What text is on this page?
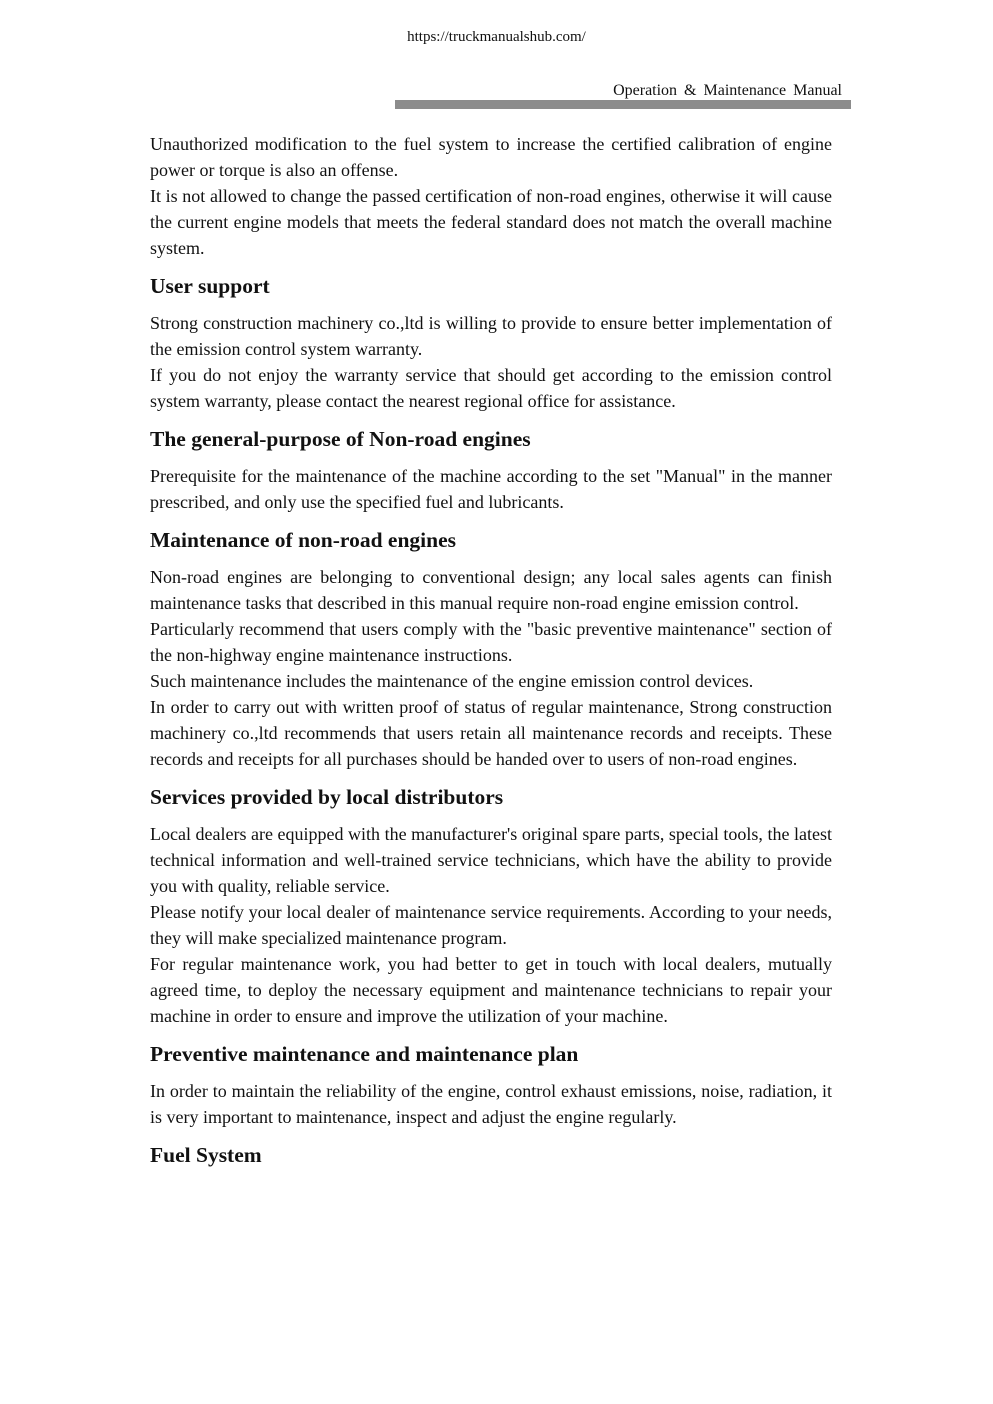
https://truckmanualshub.com/
Operation & Maintenance Manual

Unauthorized modification to the fuel system to increase the certified calibration of engine power or torque is also an offense.

It is not allowed to change the passed certification of non-road engines, otherwise it will cause the current engine models that meets the federal standard does not match the overall machine system.

User support

Strong construction machinery co.,ltd is willing to provide to ensure better implementation of the emission control system warranty.

If you do not enjoy the warranty service that should get according to the emission control system warranty, please contact the nearest regional office for assistance.

The general-purpose of Non-road engines

Prerequisite for the maintenance of the machine according to the set "Manual" in the manner prescribed, and only use the specified fuel and lubricants.

Maintenance of non-road engines

Non-road engines are belonging to conventional design; any local sales agents can finish maintenance tasks that described in this manual require non-road engine emission control.

Particularly recommend that users comply with the "basic preventive maintenance" section of the non-highway engine maintenance instructions.

Such maintenance includes the maintenance of the engine emission control devices.

In order to carry out with written proof of status of regular maintenance, Strong construction machinery co.,ltd recommends that users retain all maintenance records and receipts. These records and receipts for all purchases should be handed over to users of non-road engines.

Services provided by local distributors

Local dealers are equipped with the manufacturer's original spare parts, special tools, the latest technical information and well-trained service technicians, which have the ability to provide you with quality, reliable service.

Please notify your local dealer of maintenance service requirements. According to your needs, they will make specialized maintenance program.

For regular maintenance work, you had better to get in touch with local dealers, mutually agreed time, to deploy the necessary equipment and maintenance technicians to repair your machine in order to ensure and improve the utilization of your machine.

Preventive maintenance and maintenance plan

In order to maintain the reliability of the engine, control exhaust emissions, noise, radiation, it is very important to maintenance, inspect and adjust the engine regularly.

Fuel System
